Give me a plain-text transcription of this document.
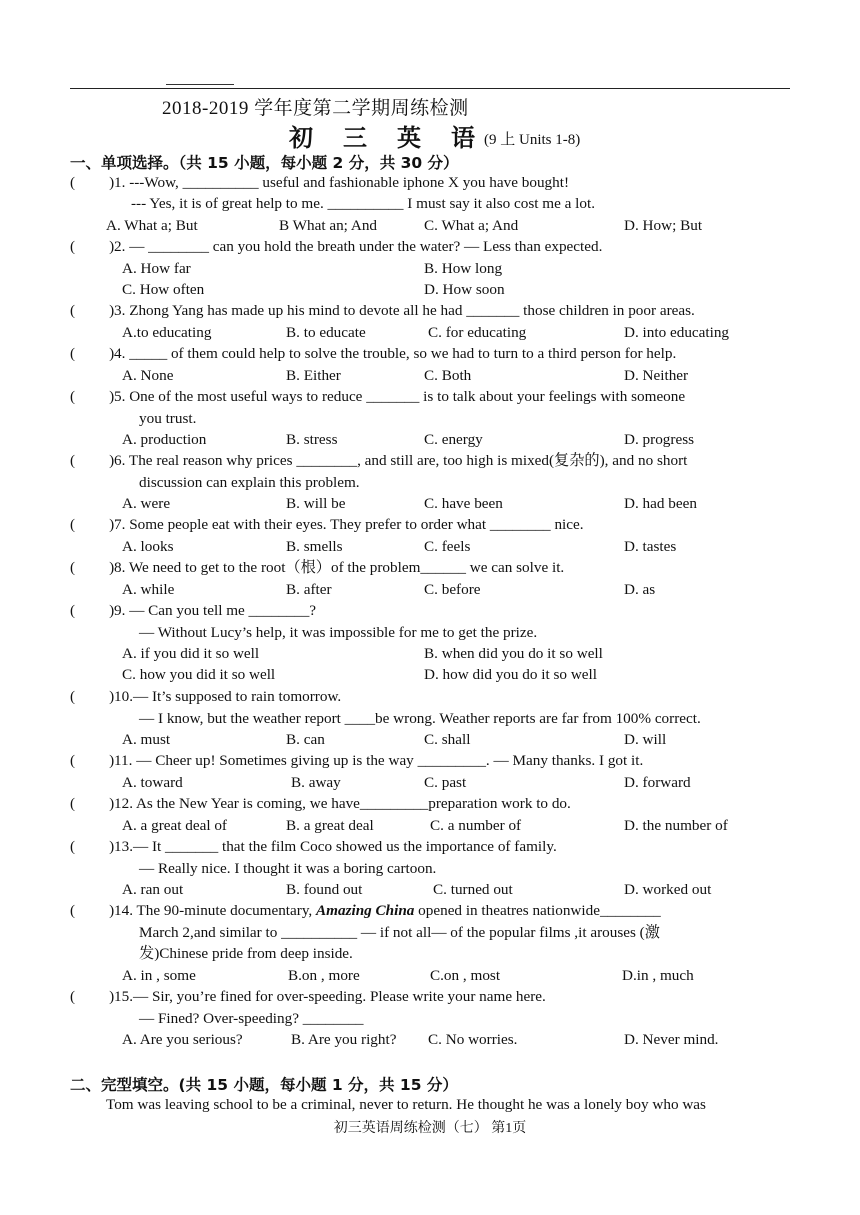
2018-2019 学年度第二学期周练检测
初 三 英 语
(9 上 Units 1-8)
一、单项选择。（共 15 小题，每小题 2 分，共 30 分）
( ) 1. ---Wow, __________ useful and fashionable iphone X you have bought!
--- Yes, it is of great help to me. __________ I must say it also cost me a lot.
A. What a; But	B What an; And	C. What a; And	D. How; But
( ) 2. — ________ can you hold the breath under the water? — Less than expected.
A. How far	B. How long
C. How often	D. How soon
( ) 3. Zhong Yang has made up his mind to devote all he had _______ those children in poor areas.
A.to educating	B. to educate	C. for educating	D. into educating
( ) 4. _____ of them could help to solve the trouble, so we had to turn to a third person for help.
A. None	B. Either	C. Both	D. Neither
( ) 5. One of the most useful ways to reduce _______ is to talk about your feelings with someone
you trust.
A. production	B. stress	C. energy	D. progress
( ) 6. The real reason why prices ________, and still are, too high is mixed(复杂的), and no short
discussion can explain this problem.
A. were	B. will be	C. have been	D. had been
( ) 7. Some people eat with their eyes. They prefer to order what ________ nice.
A. looks	B. smells	C. feels	D. tastes
( ) 8. We need to get to the root（根）of the problem______ we can solve it.
A. while	B. after	C. before	D. as
( ) 9. — Can you tell me ________?
— Without Lucy’s help, it was impossible for me to get the prize.
A. if you did it so well	B. when did you do it so well
C. how you did it so well	D. how did you do it so well
( ) 10.— It’s supposed to rain tomorrow.
— I know, but the weather report ____be wrong. Weather reports are far from 100% correct.
A. must	B. can	C. shall	D. will
( ) 11. — Cheer up! Sometimes giving up is the way _________. — Many thanks. I got it.
A. toward	B. away	C. past	D. forward
( ) 12. As the New Year is coming, we have_________preparation work to do.
A. a great deal of	B. a great deal	C. a number of	D. the number of
( ) 13.— It _______ that the film Coco showed us the importance of family.
— Really nice. I thought it was a boring cartoon.
A. ran out	B. found out	C. turned out	D. worked out
( ) 14. The 90-minute documentary, Amazing China opened in theatres nationwide________
March 2,and similar to __________ — if not all— of the popular films ,it arouses (激
发)Chinese pride from deep inside.
A. in , some	B.on , more	C.on , most	D.in , much
( ) 15.— Sir, you’re fined for over-speeding. Please write your name here.
— Fined? Over-speeding? ________
A. Are you serious?	B. Are you right? C. No worries.	D. Never mind.
二、完型填空。(共 15 小题，每小题 1 分，共 15 分）
Tom was leaving school to be a criminal, never to return. He thought he was a lonely boy who was
初三英语周练检测（七） 第1页
